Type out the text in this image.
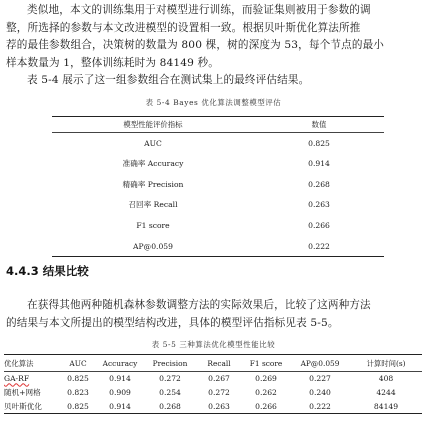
类似地，本文的训练集用于对模型进行训练，而验证集则被用于参数的调
整，所选择的参数与本文改进模型的设置相一致。根据贝叶斯优化算法所推
荐的最佳参数组合，决策树的数量为 800 棵，树的深度为 53，每个节点的最小
样本数量为 1，整体训练耗时为 84149 秒。
表 5-4 展示了这一组参数组合在测试集上的最终评估结果。
表 5-4 Bayes 优化算法调整模型评估
模型性能评价指标	数值
AUC	0.825
准确率 Accuracy	0.914
精确率 Precision	0.268
召回率 Recall	0.263
F1 score	0.266
AP@0.059	0.222
4.4.3 结果比较
在获得其他两种随机森林参数调整方法的实际效果后，比较了这两种方法
的结果与本文所提出的模型结构改进，具体的模型评估指标见表 5-5。
表 5-5 三种算法优化模型性能比较
优化算法	AUC	Accuracy	Precision	Recall	F1 score	AP@0.059	计算时间(s)
GA-RF	0.825	0.914	0.272	0.267	0.269	0.227	408
随机+网格	0.823	0.909	0.254	0.272	0.262	0.240	4244
贝叶斯优化	0.825	0.914	0.268	0.263	0.266	0.222	84149
